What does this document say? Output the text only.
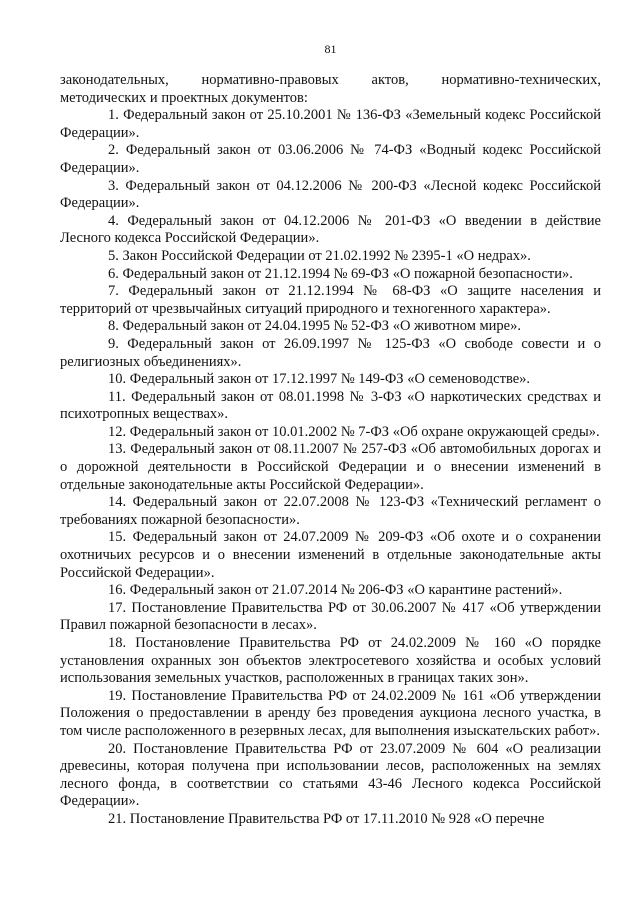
81

законодательных, нормативно-правовых актов, нормативно-технических, методических и проектных документов:

1. Федеральный закон от 25.10.2001 № 136-ФЗ «Земельный кодекс Российской Федерации».

2. Федеральный закон от 03.06.2006 № 74-ФЗ «Водный кодекс Российской Федерации».

3. Федеральный закон от 04.12.2006 № 200-ФЗ «Лесной кодекс Российской Федерации».

4. Федеральный закон от 04.12.2006 № 201-ФЗ «О введении в действие Лесного кодекса Российской Федерации».

5. Закон Российской Федерации от 21.02.1992 № 2395-1 «О недрах».

6. Федеральный закон от 21.12.1994 № 69-ФЗ «О пожарной безопасности».

7. Федеральный закон от 21.12.1994 № 68-ФЗ «О защите населения и территорий от чрезвычайных ситуаций природного и техногенного характера».

8. Федеральный закон от 24.04.1995 № 52-ФЗ «О животном мире».

9. Федеральный закон от 26.09.1997 № 125-ФЗ «О свободе совести и о религиозных объединениях».

10. Федеральный закон от 17.12.1997 № 149-ФЗ «О семеноводстве».

11. Федеральный закон от 08.01.1998 № 3-ФЗ «О наркотических средствах и психотропных веществах».

12. Федеральный закон от 10.01.2002 № 7-ФЗ «Об охране окружающей среды».

13. Федеральный закон от 08.11.2007 № 257-ФЗ «Об автомобильных дорогах и о дорожной деятельности в Российской Федерации и о внесении изменений в отдельные законодательные акты Российской Федерации».

14. Федеральный закон от 22.07.2008 № 123-ФЗ «Технический регламент о требованиях пожарной безопасности».

15. Федеральный закон от 24.07.2009 № 209-ФЗ «Об охоте и о сохранении охотничьих ресурсов и о внесении изменений в отдельные законодательные акты Российской Федерации».

16. Федеральный закон от 21.07.2014 № 206-ФЗ «О карантине растений».

17. Постановление Правительства РФ от 30.06.2007 № 417 «Об утверждении Правил пожарной безопасности в лесах».

18. Постановление Правительства РФ от 24.02.2009 № 160 «О порядке установления охранных зон объектов электросетевого хозяйства и особых условий использования земельных участков, расположенных в границах таких зон».

19. Постановление Правительства РФ от 24.02.2009 № 161 «Об утверждении Положения о предоставлении в аренду без проведения аукциона лесного участка, в том числе расположенного в резервных лесах, для выполнения изыскательских работ».

20. Постановление Правительства РФ от 23.07.2009 № 604 «О реализации древесины, которая получена при использовании лесов, расположенных на землях лесного фонда, в соответствии со статьями 43-46 Лесного кодекса Российской Федерации».

21. Постановление Правительства РФ от 17.11.2010 № 928 «О перечне
